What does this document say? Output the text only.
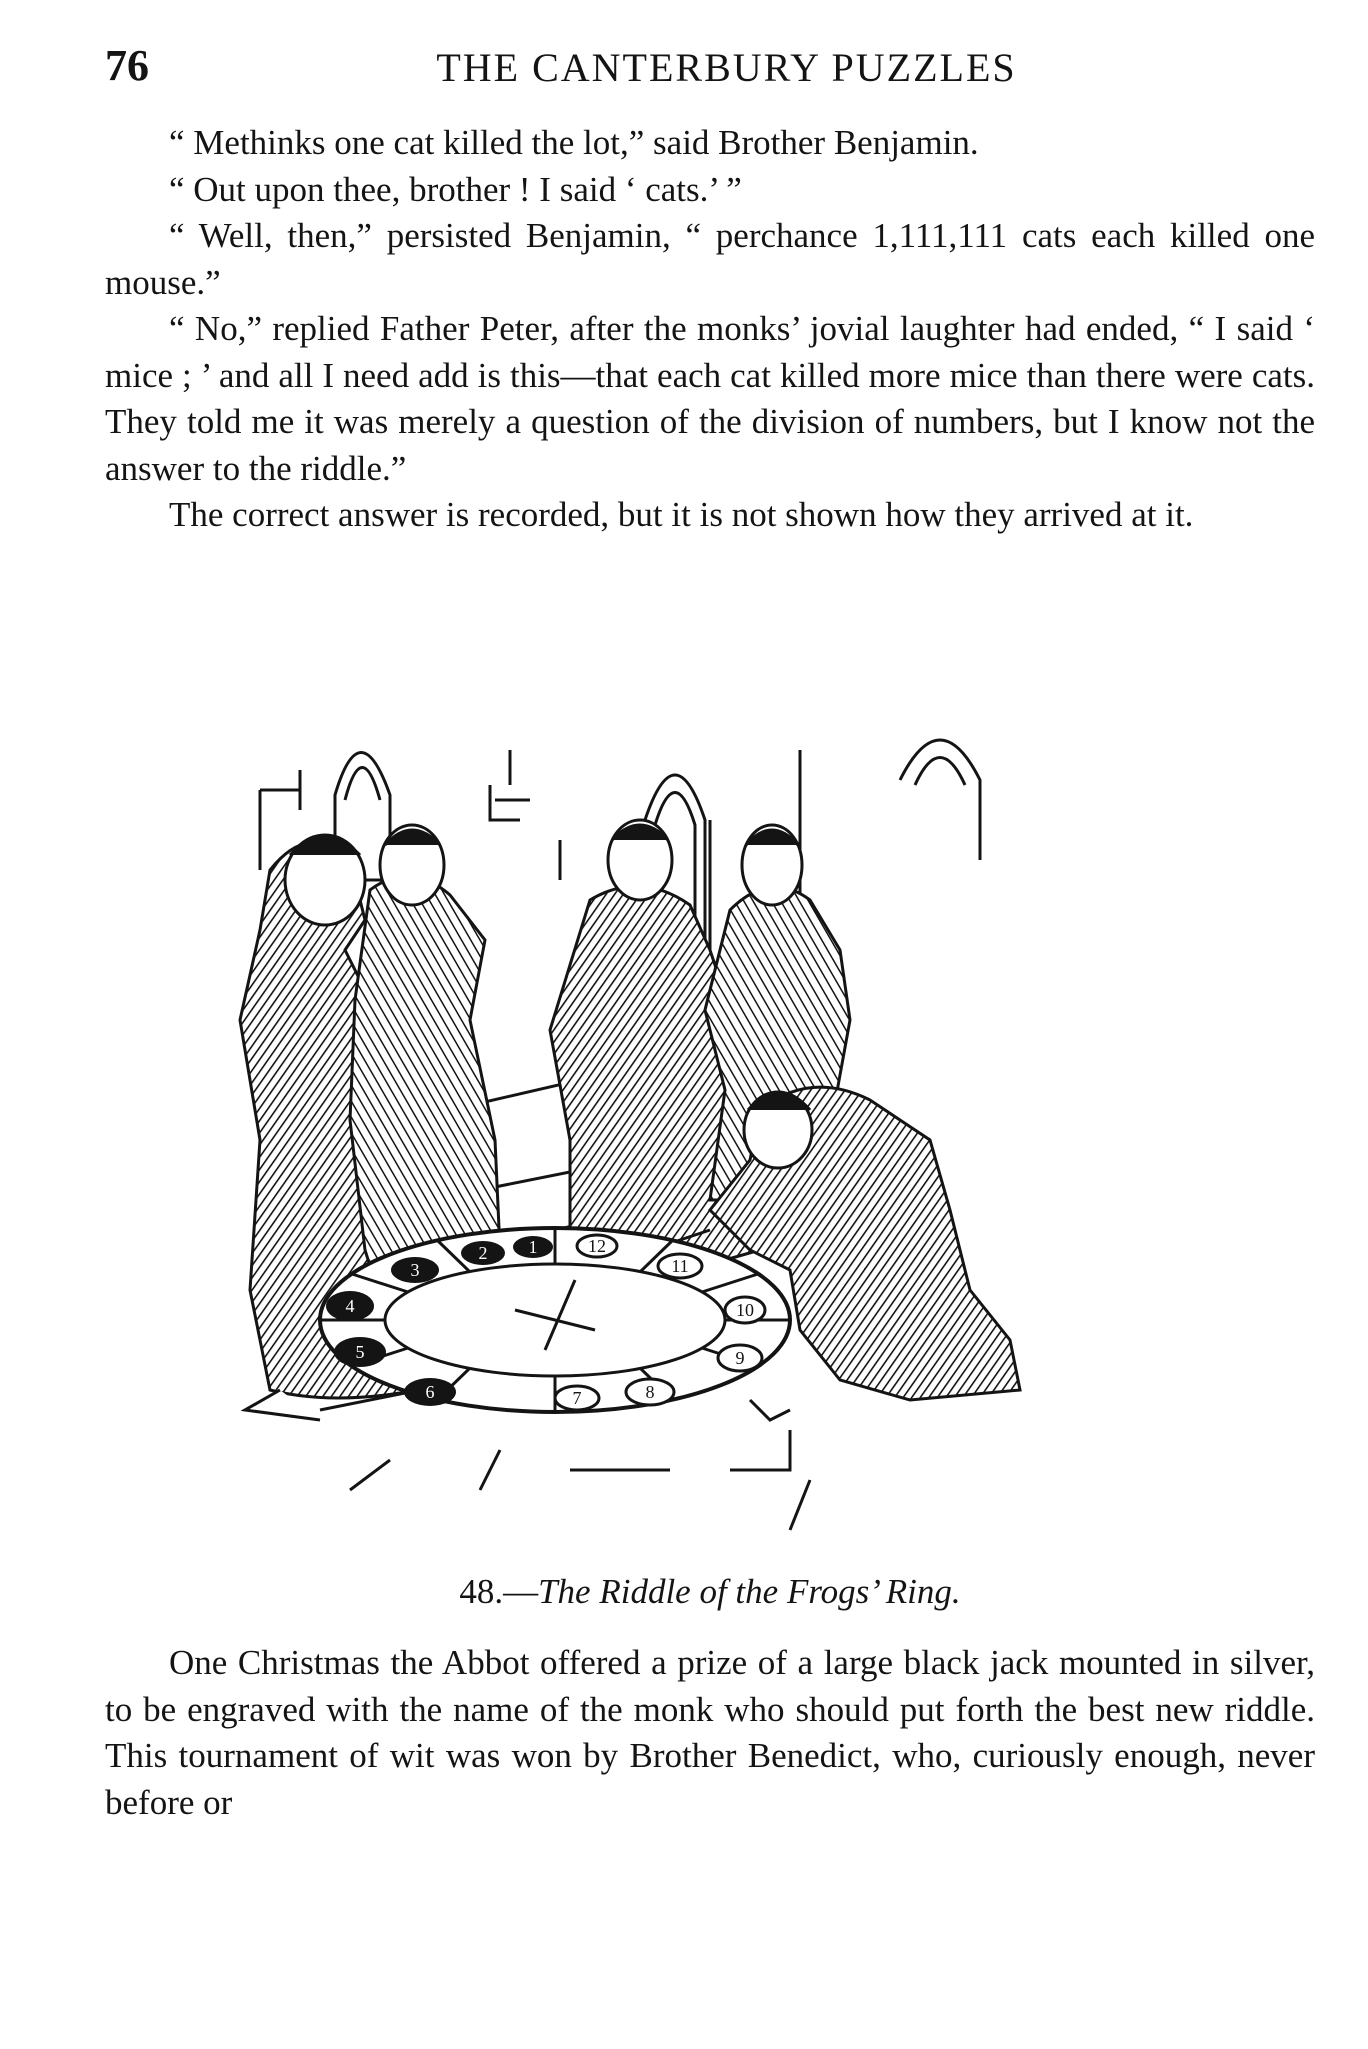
76	THE CANTERBURY PUZZLES

“ Methinks one cat killed the lot,” said Brother Benjamin.

“ Out upon thee, brother ! I said ‘ cats.’ ”

“ Well, then,” persisted Benjamin, “ perchance 1,111,111 cats each killed one mouse.”

“ No,” replied Father Peter, after the monks’ jovial laughter had ended, “ I said ‘ mice ; ’ and all I need add is this—that each cat killed more mice than there were cats. They told me it was merely a question of the division of numbers, but I know not the answer to the riddle.”

The correct answer is recorded, but it is not shown how they arrived at it.

1
2
3
4
5
6	7	8
9
10
11
12
48.—The Riddle of the Frogs’ Ring.

One Christmas the Abbot offered a prize of a large black jack mounted in silver, to be engraved with the name of the monk who should put forth the best new riddle. This tournament of wit was won by Brother Benedict, who, curiously enough, never before or
